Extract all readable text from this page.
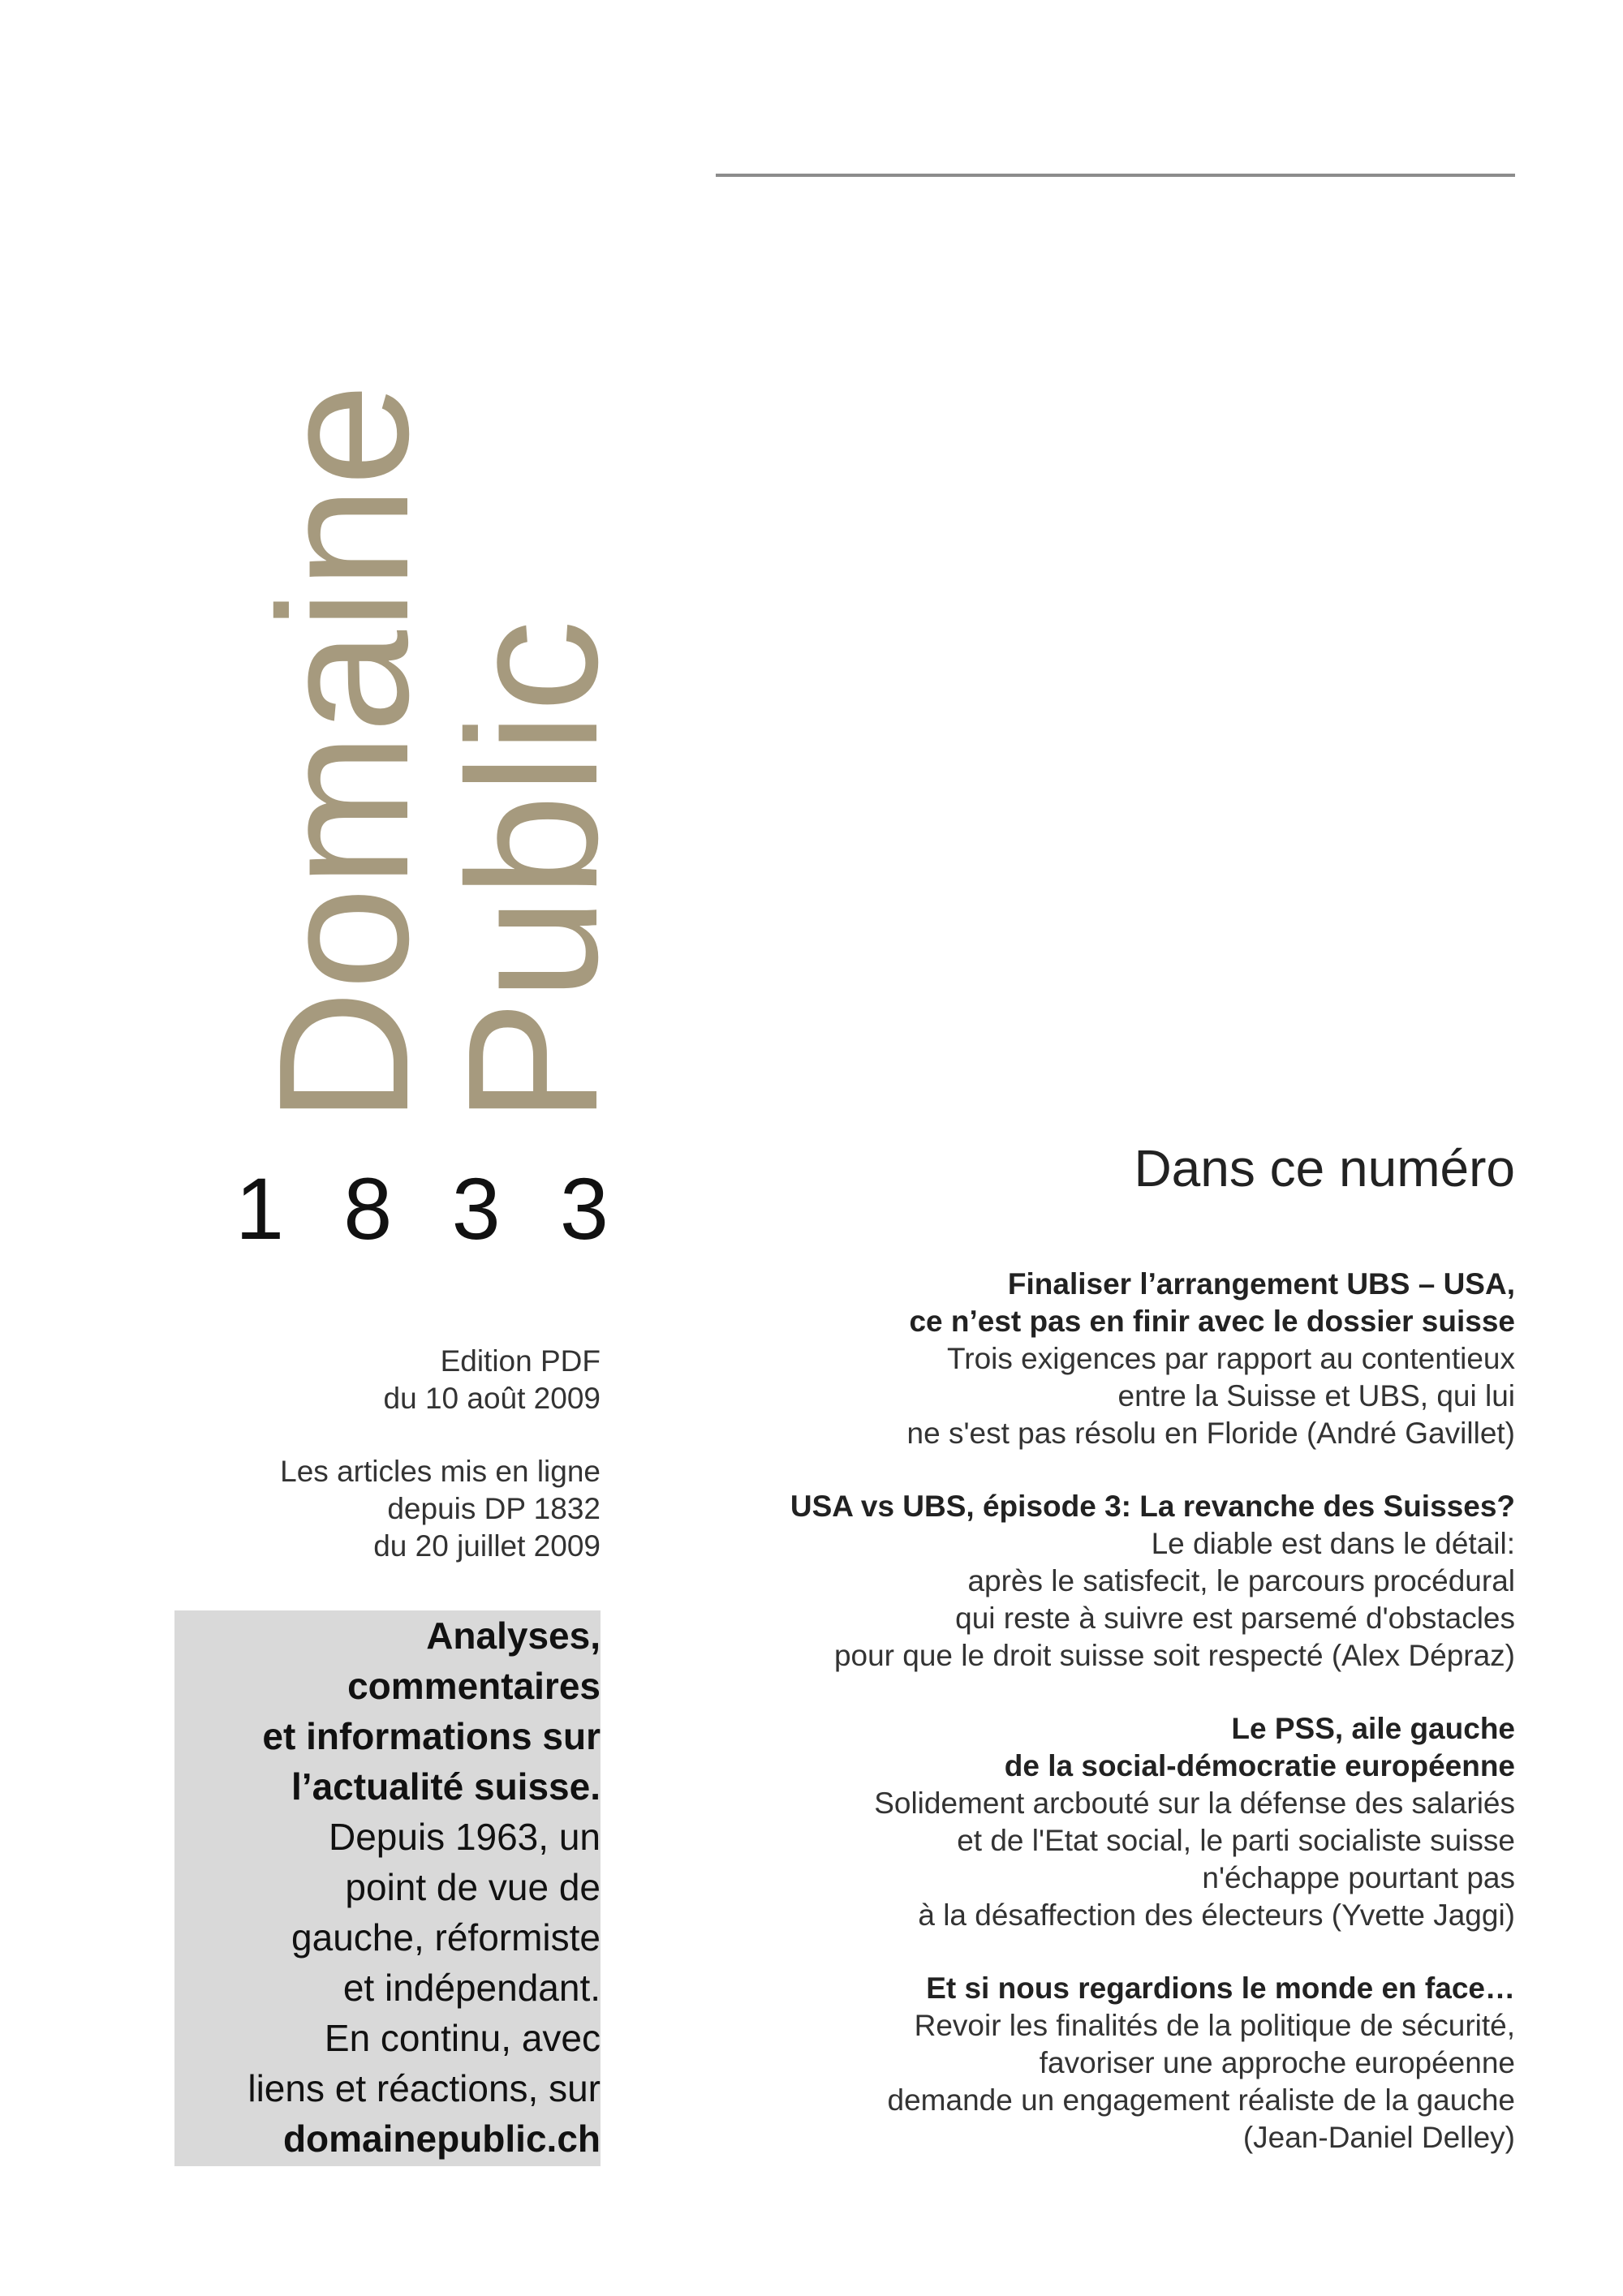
Domaine
Public
1 8 3 3

Edition PDF

du 10 août 2009

Les articles mis en ligne

depuis DP 1832

du 20 juillet 2009

Analyses,
commentaires
et informations sur
l’actualité suisse.
Depuis 1963, un
point de vue de
gauche, réformiste
et indépendant.
En continu, avec
liens et réactions, sur
domainepublic.ch
Dans ce numéro
Finaliser l’arrangement UBS – USA,
ce n’est pas en finir avec le dossier suisse
Trois exigences par rapport au contentieux
entre la Suisse et UBS, qui lui
ne s'est pas résolu en Floride (André Gavillet)
USA vs UBS, épisode 3: La revanche des Suisses?
Le diable est dans le détail:
après le satisfecit, le parcours procédural
qui reste à suivre est parsemé d'obstacles
pour que le droit suisse soit respecté (Alex Dépraz)
Le PSS, aile gauche
de la social-démocratie européenne
Solidement arcbouté sur la défense des salariés
et de l'Etat social, le parti socialiste suisse
n'échappe pourtant pas
à la désaffection des électeurs (Yvette Jaggi)
Et si nous regardions le monde en face…
Revoir les finalités de la politique de sécurité,
favoriser une approche européenne
demande un engagement réaliste de la gauche
(Jean-Daniel Delley)
